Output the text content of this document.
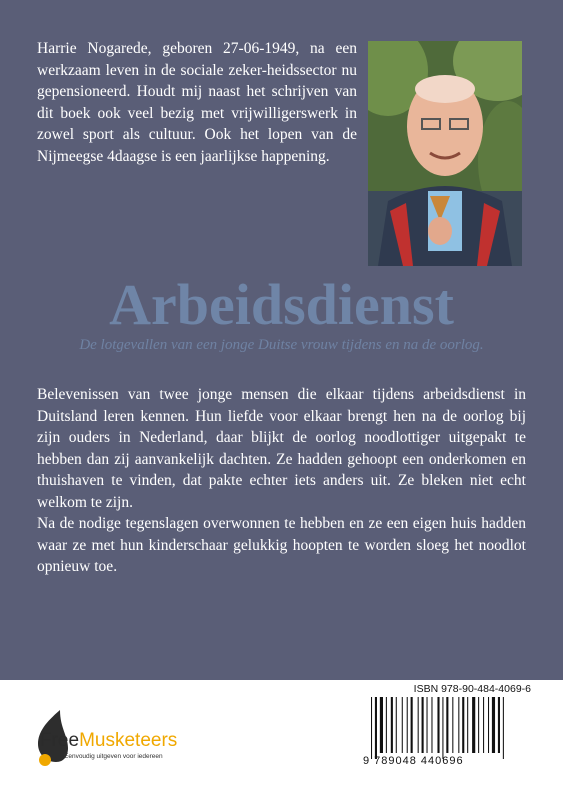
Harrie Nogarede, geboren 27-06-1949, na een werkzaam leven in de sociale zeker-heidssector nu gepensioneerd. Houdt mij naast het schrijven van dit boek ook veel bezig met vrijwilligerswerk in zowel sport als cultuur. Ook het lopen van de Nijmeegse 4daagse is een jaarlijkse happening.

Arbeidsdienst

De lotgevallen van een jonge Duitse vrouw tijdens en na de oorlog.

Belevenissen van twee jonge mensen die elkaar tijdens arbeidsdienst in Duitsland leren kennen. Hun liefde voor elkaar brengt hen na de oorlog bij zijn ouders in Nederland, daar blijkt de oorlog noodlottiger uitgepakt te hebben dan zij aanvankelijk dachten. Ze hadden gehoopt een onderkomen en thuishaven te vinden, dat pakte echter iets anders uit. Ze bleken niet echt welkom te zijn.

Na de nodige tegenslagen overwonnen te hebben en ze een eigen huis hadden waar ze met hun kinderschaar gelukkig hoopten te worden sloeg het noodlot opnieuw toe.

FreeMusketeers
Eenvoudig uitgeven voor iedereen
ISBN 978-90-484-4069-6
9 789048 440696
